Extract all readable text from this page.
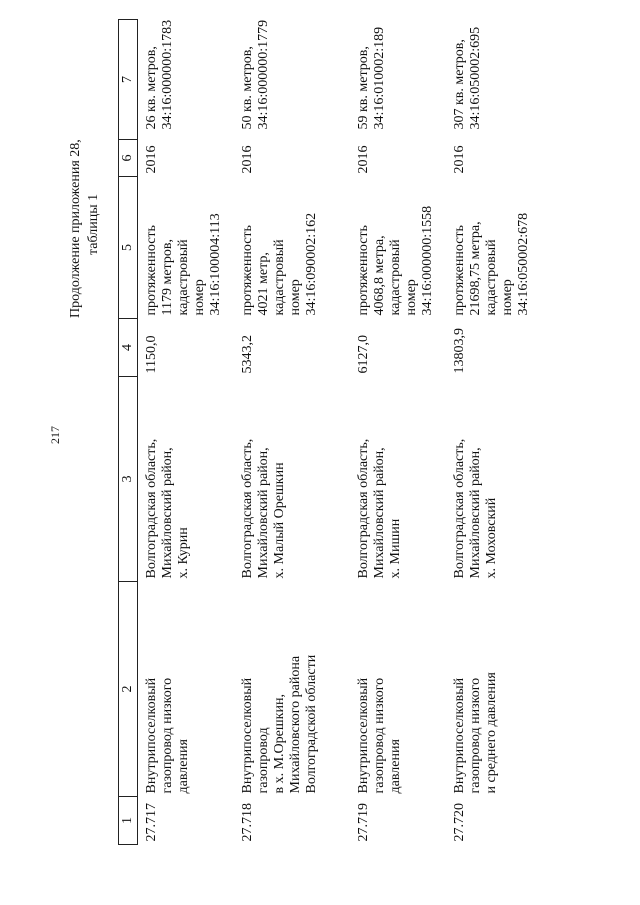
217
Продолжение приложения 28, таблицы 1
1	2	3	4	5	6	7
27.717	Внутрипоселковый
газопровод низкого
давления	Волгоградская область,
Михайловский район,
х. Курин	1150,0	протяженность
1179 метров,
кадастровый
номер
34:16:100004:113	2016	26 кв. метров,
34:16:000000:1783
27.718	Внутрипоселковый
газопровод
в х. М.Орешкин,
Михайловского района
Волгоградской области	Волгоградская область,
Михайловский район,
х. Малый Орешкин	5343,2	протяженность
4021 метр,
кадастровый
номер
34:16:090002:162	2016	50 кв. метров,
34:16:000000:1779
27.719	Внутрипоселковый
газопровод низкого
давления	Волгоградская область,
Михайловский район,
х. Мишин	6127,0	протяженность
4068,8 метра,
кадастровый
номер
34:16:000000:1558	2016	59 кв. метров,
34:16:010002:189
27.720	Внутрипоселковый
газопровод низкого
и среднего давления	Волгоградская область,
Михайловский район,
х. Моховский	13803,9	протяженность
21698,75 метра,
кадастровый
номер
34:16:050002:678	2016	307 кв. метров,
34:16:050002:695
